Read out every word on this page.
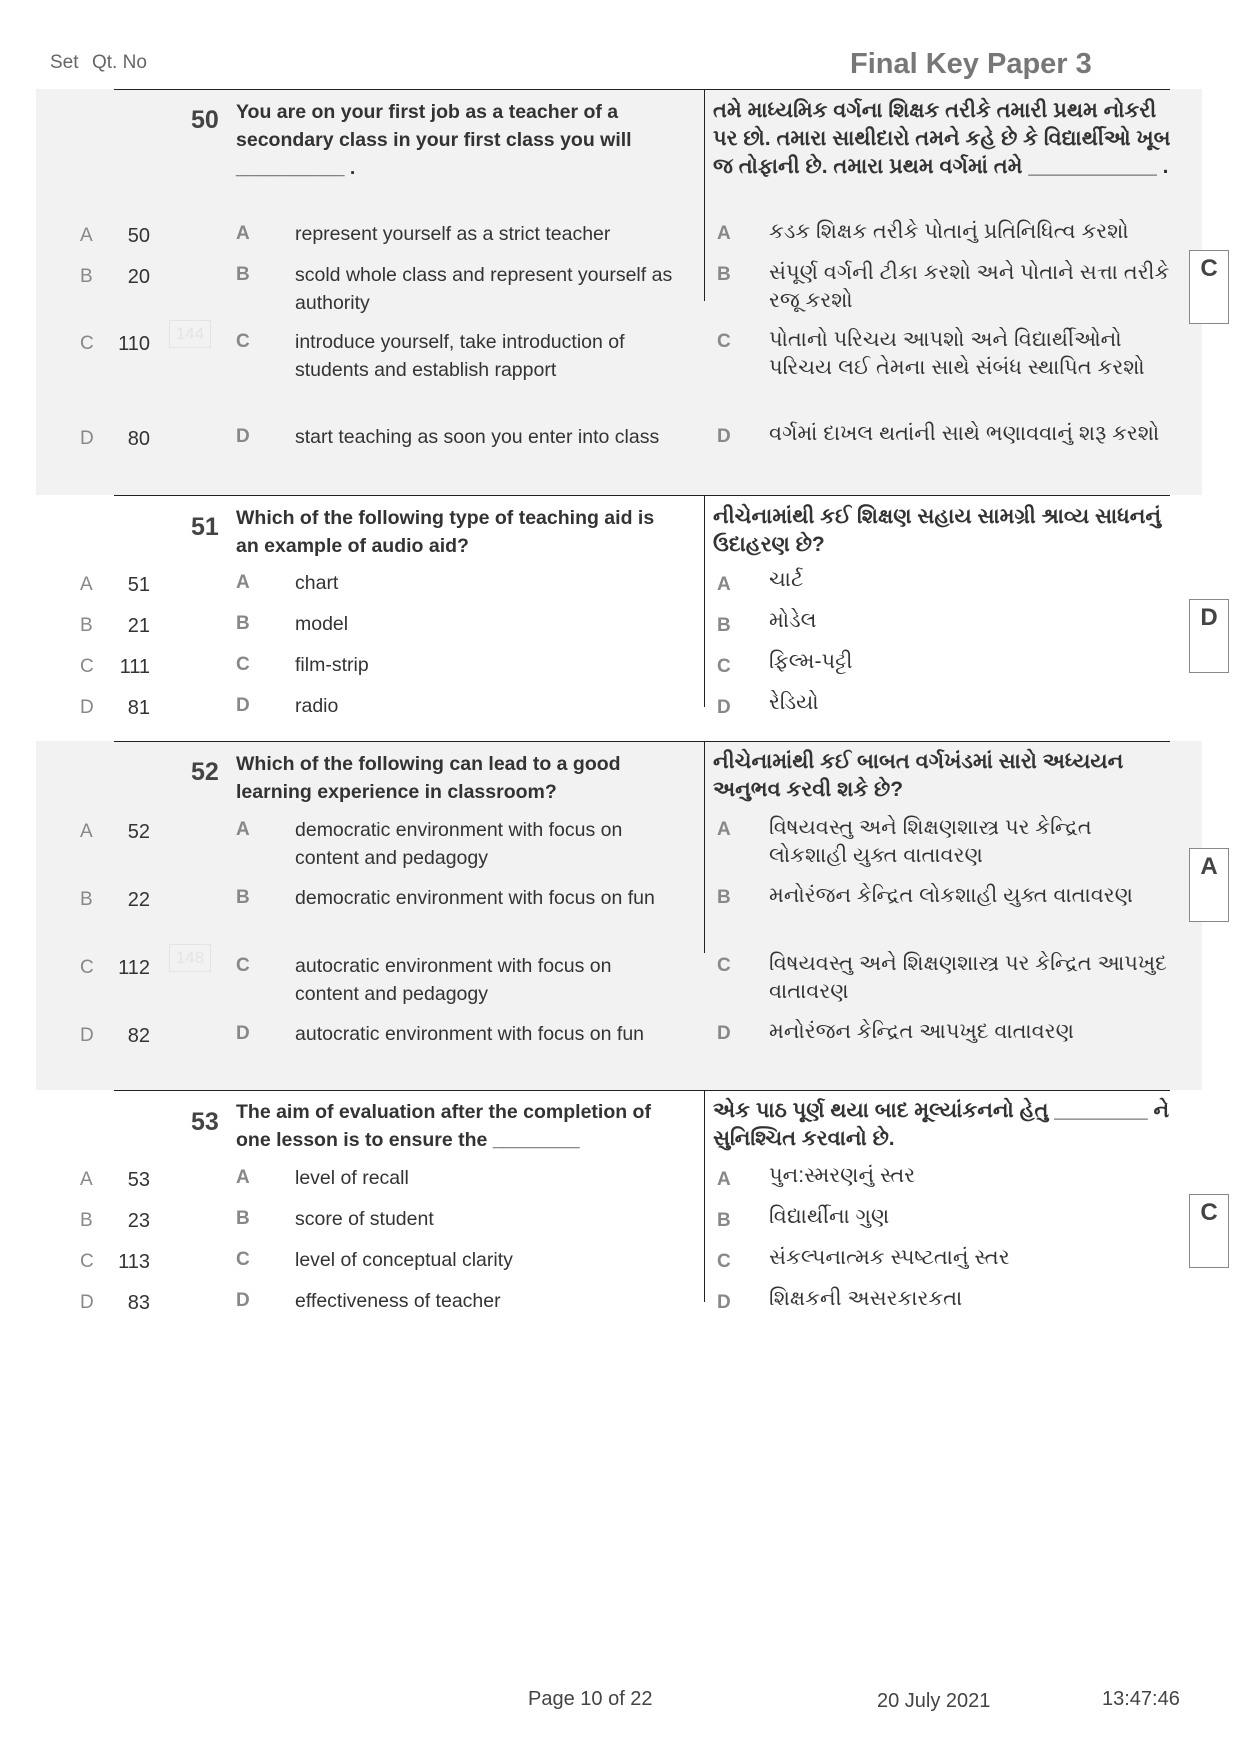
Set Qt. No	Final Key Paper 3
50 You are on your first job as a teacher of a secondary class in your first class you will __________ .
તમે માધ્યમિક વર્ગના શિક્ષક તરીકે તમારી પ્રથમ નોકરી પર છો. તમારા સાથીદારો તમને કહે છે કે વિદ્યાર્થીઓ ખૂબ જ તોફાની છે. તમારા પ્રથમ વર્ગમાં તમે ___________ .
A	50	A represent yourself as a strict teacher	A કડક શિક્ષક તરીકે પોતાનું પ્રતિનિધિત્વ કરશો
B	20	B scold whole class and represent yourself as authority
B સંપૂર્ણ વર્ગની ટીકા કરશો અને પોતાને સત્તા તરીકે રજૂ કરશો
C	110	144	C introduce yourself, take introduction of students and establish rapport
C પોતાનો પરિચય આપશો અને વિદ્યાર્થીઓનો પરિચય લઈ તેમના સાથે સંબંધ સ્થાપિત કરશો
D	80	D start teaching as soon you enter into class	D વર્ગમાં દાખલ થતાંની સાથે ભણાવવાનું શરૂ કરશો
C
51 Which of the following type of teaching aid is an example of audio aid?
નીચેનામાંથી કઈ શિક્ષણ સહાય સામગ્રી શ્રાવ્ય સાધનનું ઉદાહરણ છે?
A	51	A chart	A ચાર્ટ
B	21	B model	B મોડેલ
C	111	C film-strip	C ફિલ્મ-પટ્ટી
D	81	D radio	D રેડિયો
D
52 Which of the following can lead to a good learning experience in classroom?
નીચેનામાંથી કઈ બાબત વર્ગખંડમાં સારો અધ્યયન અનુભવ કરવી શકે છે?
A	52	A democratic environment with focus on content and pedagogy
A વિષયવસ્તુ અને શિક્ષણશાસ્ત્ર પર કેન્દ્રિત લોકશાહી યુક્ત વાતાવરણ
B	22	B democratic environment with focus on fun	B મનોરંજન કેન્દ્રિત લોકશાહી યુક્ત વાતાવરણ
C	112	148	C autocratic environment with focus on content and pedagogy
C વિષયવસ્તુ અને શિક્ષણશાસ્ત્ર પર કેન્દ્રિત આપખુદ વાતાવરણ
D	82	D autocratic environment with focus on fun	D મનોરંજન કેન્દ્રિત આપખુદ વાતાવરણ
A
53 The aim of evaluation after the completion of one lesson is to ensure the ________
એક પાઠ પૂર્ણ થયા બાદ મૂલ્યાંકનનો હેતુ ________ ને સુનિશ્ચિત કરવાનો છે.
A	53	A level of recall	A પુન:સ્મરણનું સ્તર
B	23	B score of student	B વિદ્યાર્થીના ગુણ
C	113	C level of conceptual clarity	C સંકલ્પનાત્મક સ્પષ્ટતાનું સ્તર
D	83	D effectiveness of teacher	D શિક્ષકની અસરકારકતા
C
Page 10 of 22	20 July 2021	13:47:46
